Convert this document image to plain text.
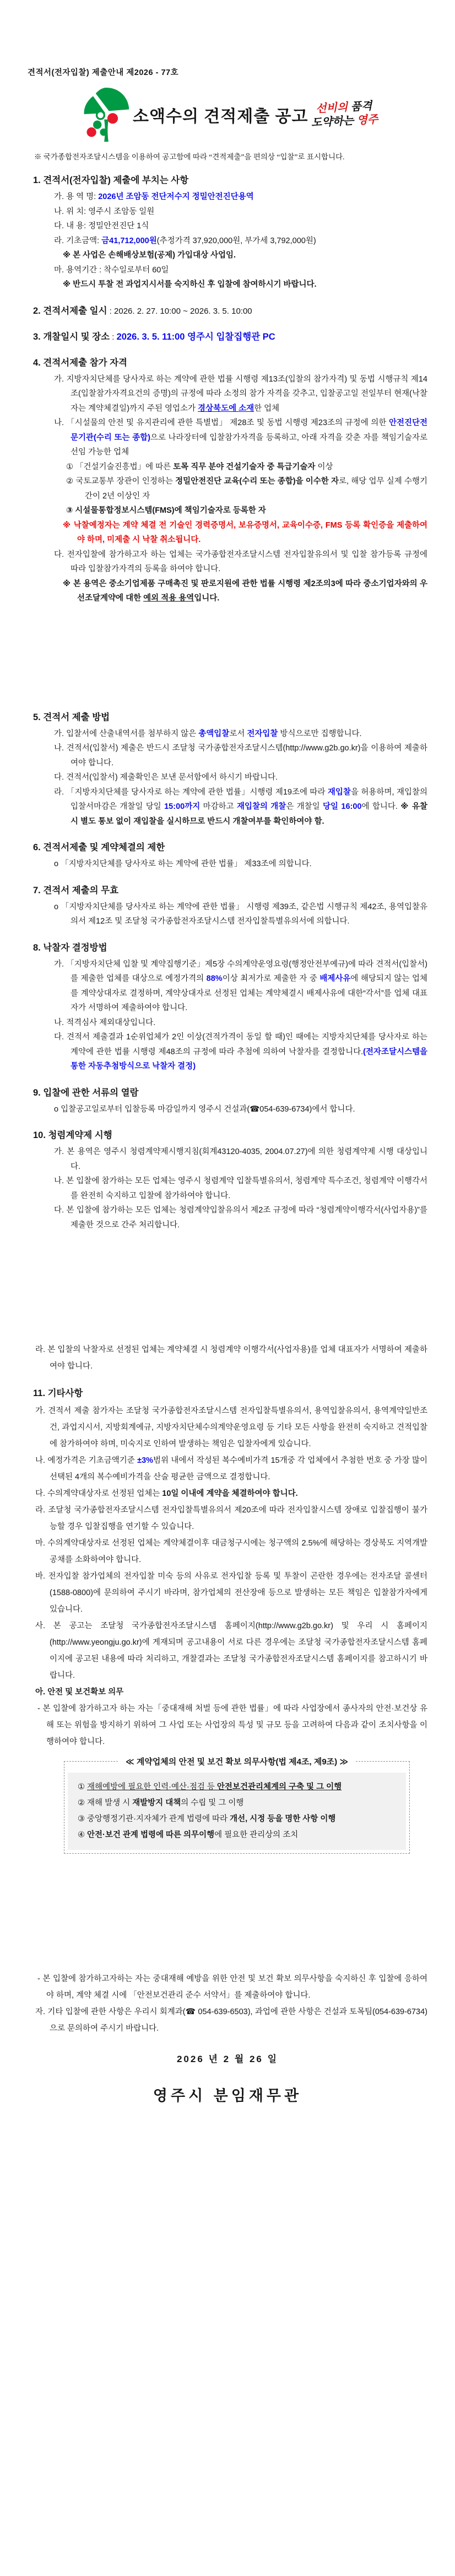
견적서(전자입찰) 제출안내 제2026 - 77호
소액수의 견적제출 공고 선비의 품격
도약하는 영주
※ 국가종합전자조달시스템을 이용하여 공고함에 따라 “견적제출”을 편의상 “입찰”로 표시합니다.
1. 견적서(전자입찰) 제출에 부치는 사항
가. 용 역 명: 2026년 조암동 전단저수지 정밀안전진단용역
나. 위 치: 영주시 조암동 일원
다. 내 용: 정밀안전진단 1식
라. 기초금액: 금41,712,000원(추정가격 37,920,000원, 부가세 3,792,000원)
※ 본 사업은 손해배상보험(공제) 가입대상 사업임.
마. 용역기간 : 착수일로부터 60일
※ 반드시 투찰 전 과업지시서를 숙지하신 후 입찰에 참여하시기 바랍니다.
2. 견적서제출 일시 : 2026. 2. 27. 10:00 ~ 2026. 3. 5. 10:00
3. 개찰일시 및 장소 : 2026. 3. 5. 11:00 영주시 입찰집행관 PC
4. 견적서제출 참가 자격
가. 지방자치단체를 당사자로 하는 계약에 관한 법률 시행령 제13조(입찰의 참가자격) 및 동법 시행규칙 제14조(입찰참가자격요건의 증명)의 규정에 따라 소정의 참가 자격을 갖추고, 입찰공고일 전일부터 현재(낙찰자는 계약체결일)까지 주된 영업소가 경상북도에 소재한 업체
나. 「시설물의 안전 및 유지관리에 관한 특별법」 제28조 및 동법 시행령 제23조의 규정에 의한 안전진단전문기관(수리 또는 종합)으로 나라장터에 입찰참가자격을 등록하고, 아래 자격을 갖춘 자를 책임기술자로 선임 가능한 업체
① 「건설기술진흥법」에 따른 토목 직무 분야 건설기술자 중 특급기술자 이상
② 국토교통부 장관이 인정하는 정밀안전진단 교육(수리 또는 종합)을 이수한 자로, 해당 업무 실제 수행기간이 2년 이상인 자
③ 시설물통합정보시스템(FMS)에 책임기술자로 등록한 자
※ 낙찰예정자는 계약 체결 전 기술인 경력증명서, 보유증명서, 교육이수증, FMS 등록 확인증을 제출하여야 하며, 미제출 시 낙찰 취소됩니다.
다. 전자입찰에 참가하고자 하는 업체는 국가종합전자조달시스템 전자입찰유의서 및 입찰 참가등록 규정에 따라 입찰참가자격의 등록을 하여야 합니다.
※ 본 용역은 중소기업제품 구매촉진 및 판로지원에 관한 법률 시행령 제2조의3에 따라 중소기업자와의 우선조달계약에 대한 예외 적용 용역입니다.
5. 견적서 제출 방법
가. 입찰서에 산출내역서를 첨부하지 않은 총액입찰로서 전자입찰 방식으로만 집행합니다.
나. 견적서(입찰서) 제출은 반드시 조달청 국가종합전자조달시스템(http://www.g2b.go.kr)을 이용하여 제출하여야 합니다.
다. 견적서(입찰서) 제출확인은 보낸 문서함에서 하시기 바랍니다.
라. 「지방자치단체를 당사자로 하는 계약에 관한 법률」시행령 제19조에 따라 재입찰을 허용하며, 재입찰의 입찰서마감은 개찰일 당일 15:00까지 마감하고 재입찰의 개찰은 개찰일 당일 16:00에 합니다. ※ 유찰 시 별도 통보 없이 재입찰을 실시하므로 반드시 개찰여부를 확인하여야 함.
6. 견적서제출 및 계약체결의 제한
o 「지방자치단체를 당사자로 하는 계약에 관한 법률」 제33조에 의합니다.
7. 견적서 제출의 무효
o 「지방자치단체를 당사자로 하는 계약에 관한 법률」 시행령 제39조, 같은법 시행규칙 제42조, 용역입찰유의서 제12조 및 조달청 국가종합전자조달시스템 전자입찰특별유의서에 의합니다.
8. 낙찰자 결정방법
가. 「지방자치단체 입찰 및 계약집행기준」제5장 수의계약운영요령(행정안전부예규)에 따라 견적서(입찰서)를 제출한 업체를 대상으로 예정가격의 88%이상 최저가로 제출한 자 중 배제사유에 해당되지 않는 업체를 계약상대자로 결정하며, 계약상대자로 선정된 업체는 계약체결시 배제사유에 대한“각서”를 업체 대표자가 서명하여 제출하여야 합니다.
나. 적격심사 제외대상입니다.
다. 견적서 제출결과 1순위업체가 2인 이상(견적가격이 동일 할 때)인 때에는 지방자치단체를 당사자로 하는 계약에 관한 법률 시행령 제48조의 규정에 따라 추첨에 의하여 낙찰자를 결정합니다.(전자조달시스템을 통한 자동추첨방식으로 낙찰자 결정)
9. 입찰에 관한 서류의 열람
o 입찰공고일로부터 입찰등록 마감일까지 영주시 건설과(☎054-639-6734)에서 합니다.
10. 청렴계약제 시행
가. 본 용역은 영주시 청렴계약제시행지침(회계43120-4035, 2004.07.27)에 의한 청렴계약제 시행 대상입니다.
나. 본 입찰에 참가하는 모든 업체는 영주시 청렴계약 입찰특별유의서, 청렴계약 특수조건, 청렴계약 이행각서를 완전히 숙지하고 입찰에 참가하여야 합니다.
다. 본 입찰에 참가하는 모든 업체는 청렴계약입찰유의서 제2조 규정에 따라 “청렴계약이행각서(사업자용)”를 제출한 것으로 간주 처리합니다.
라. 본 입찰의 낙찰자로 선정된 업체는 계약체결 시 청렴계약 이행각서(사업자용)를 업체 대표자가 서명하여 제출하여야 합니다.
11. 기타사항
가. 견적서 제출 참가자는 조달청 국가종합전자조달시스템 전자입찰특별유의서, 용역입찰유의서, 용역계약일반조건, 과업지시서, 지방회계예규, 지방자치단체수의계약운영요령 등 기타 모든 사항을 완전히 숙지하고 견적입찰에 참가하여야 하며, 미숙지로 인하여 발생하는 책임은 입찰자에게 있습니다.
나. 예정가격은 기초금액기준 ±3%범위 내에서 작성된 복수예비가격 15개중 각 업체에서 추첨한 번호 중 가장 많이 선택된 4개의 복수예비가격을 산술 평균한 금액으로 결정합니다.
다. 수의계약대상자로 선정된 업체는 10일 이내에 계약을 체결하여야 합니다.
라. 조달청 국가종합전자조달시스템 전자입찰특별유의서 제20조에 따라 전자입찰시스템 장애로 입찰집행이 불가능할 경우 입찰집행을 연기할 수 있습니다.
마. 수의계약대상자로 선정된 업체는 계약체결이후 대금청구시에는 청구액의 2.5%에 해당하는 경상북도 지역개발공채를 소화하여야 합니다.
바. 전자입찰 참가업체의 전자입찰 미숙 등의 사유로 전자입찰 등록 및 투찰이 곤란한 경우에는 전자조달 콜센터(1588-0800)에 문의하여 주시기 바라며, 참가업체의 전산장애 등으로 발생하는 모든 책임은 입찰참가자에게 있습니다.
사. 본 공고는 조달청 국가종합전자조달시스템 홈페이지(http://www.g2b.go.kr) 및 우리 시 홈페이지(http://www.yeongju.go.kr)에 게재되며 공고내용이 서로 다른 경우에는 조달청 국가종합전자조달시스템 홈페이지에 공고된 내용에 따라 처리하고, 개찰결과는 조달청 국가종합전자조달시스템 홈페이지를 참고하시기 바랍니다.
아. 안전 및 보건확보 의무
- 본 입찰에 참가하고자 하는 자는「중대재해 처벌 등에 관한 법률」에 따라 사업장에서 종사자의 안전·보건상 유해 또는 위험을 방지하기 위하여 그 사업 또는 사업장의 특성 및 규모 등을 고려하여 다음과 같이 조치사항을 이행하여야 합니다.
≪ 계약업체의 안전 및 보건 확보 의무사항(법 제4조, 제9조) ≫
① 재해예방에 필요한 인력·예산·점검 등 안전보건관리체계의 구축 및 그 이행
② 재해 발생 시 재발방지 대책의 수립 및 그 이행
③ 중앙행정기관·지자체가 관계 법령에 따라 개선, 시정 등을 명한 사항 이행
④ 안전·보건 관계 법령에 따른 의무이행에 필요한 관리상의 조치
- 본 입찰에 참가하고자하는 자는 중대재해 예방을 위한 안전 및 보건 확보 의무사항을 숙지하신 후 입찰에 응하여야 하며, 계약 체결 시에 「안전보건관리 준수 서약서」를 제출하여야 합니다.
자. 기타 입찰에 관한 사항은 우리시 회계과(☎ 054-639-6503), 과업에 관한 사항은 건설과 토목팀(054-639-6734)으로 문의하여 주시기 바랍니다.
2026 년 2 월 26 일
영주시 분임재무관
